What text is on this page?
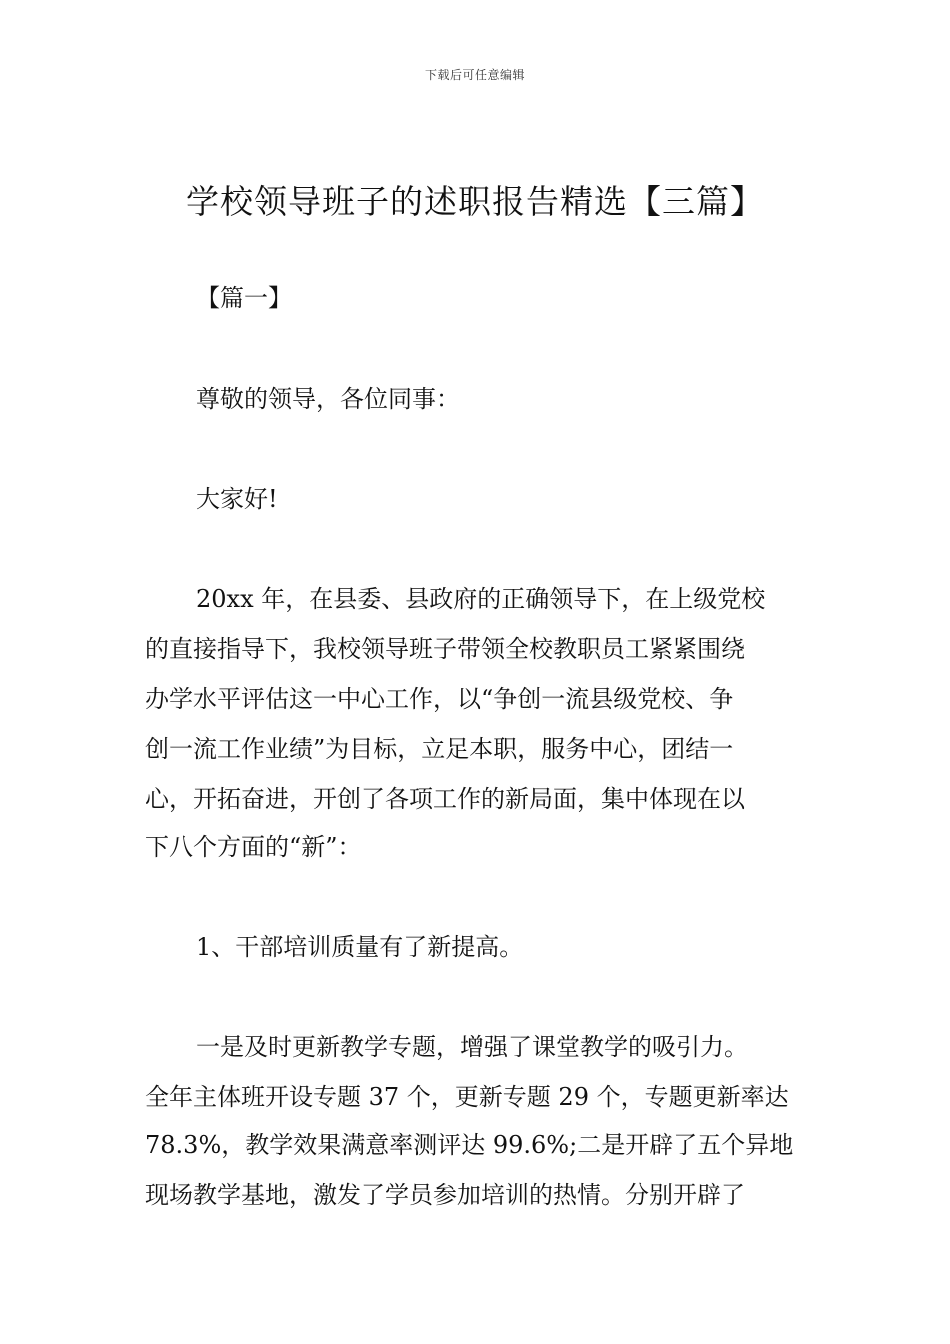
下载后可任意编辑
学校领导班子的述职报告精选【三篇】
【篇一】
尊敬的领导，各位同事：
大家好!
20xx 年，在县委、县政府的正确领导下，在上级党校
的直接指导下，我校领导班子带领全校教职员工紧紧围绕
办学水平评估这一中心工作，以“争创一流县级党校、争
创一流工作业绩”为目标，立足本职，服务中心，团结一
心，开拓奋进，开创了各项工作的新局面，集中体现在以
下八个方面的“新”：
1、干部培训质量有了新提高。
一是及时更新教学专题，增强了课堂教学的吸引力。
全年主体班开设专题 37 个，更新专题 29 个，专题更新率达
78.3%，教学效果满意率测评达 99.6%;二是开辟了五个异地
现场教学基地，激发了学员参加培训的热情。分别开辟了
